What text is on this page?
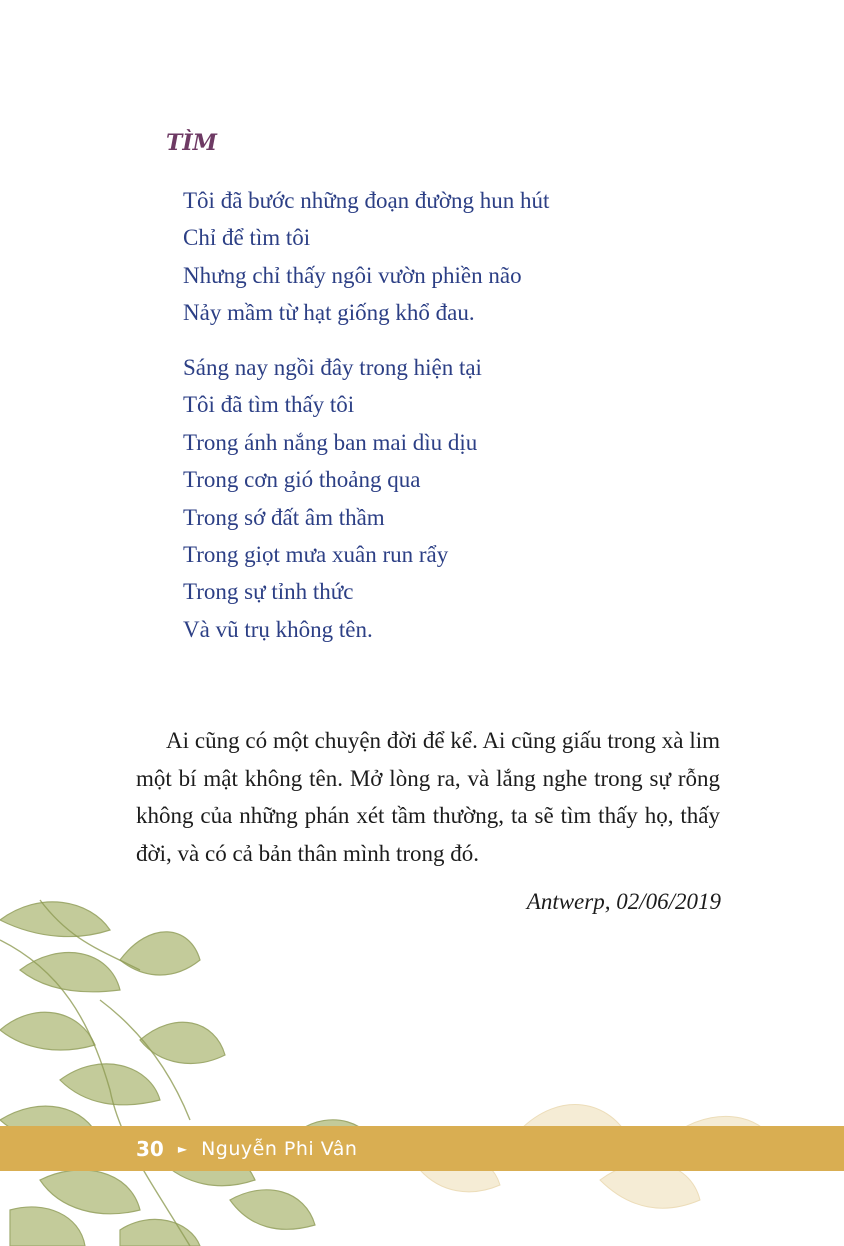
TÌM
Tôi đã bước những đoạn đường hun hút
Chỉ để tìm tôi
Nhưng chỉ thấy ngôi vườn phiền não
Nảy mầm từ hạt giống khổ đau.
Sáng nay ngồi đây trong hiện tại
Tôi đã tìm thấy tôi
Trong ánh nắng ban mai dìu dịu
Trong cơn gió thoảng qua
Trong sớ đất âm thầm
Trong giọt mưa xuân run rẩy
Trong sự tỉnh thức
Và vũ trụ không tên.

Ai cũng có một chuyện đời để kể. Ai cũng giấu trong xà lim một bí mật không tên. Mở lòng ra, và lắng nghe trong sự rỗng không của những phán xét tầm thường, ta sẽ tìm thấy họ, thấy đời, và có cả bản thân mình trong đó.

Antwerp, 02/06/2019

30 ► Nguyễn Phi Vân
